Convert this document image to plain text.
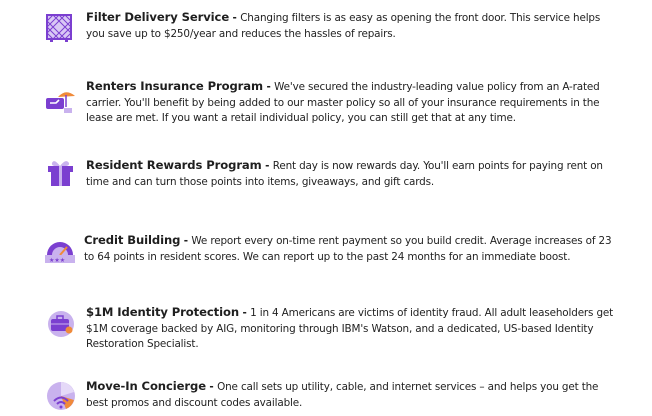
Filter Delivery Service - Changing filters is as easy as opening the front door. This service helps you save up to $250/year and reduces the hassles of repairs.
Renters Insurance Program - We've secured the industry-leading value policy from an A-rated carrier. You'll benefit by being added to our master policy so all of your insurance requirements in the lease are met. If you want a retail individual policy, you can still get that at any time.
Resident Rewards Program - Rent day is now rewards day. You'll earn points for paying rent on time and can turn those points into items, giveaways, and gift cards.
★★★
Credit Building - We report every on-time rent payment so you build credit. Average increases of 23 to 64 points in resident scores. We can report up to the past 24 months for an immediate boost.
$1M Identity Protection - 1 in 4 Americans are victims of identity fraud. All adult leaseholders get $1M coverage backed by AIG, monitoring through IBM's Watson, and a dedicated, US-based Identity Restoration Specialist.
Move-In Concierge - One call sets up utility, cable, and internet services – and helps you get the best promos and discount codes available.
